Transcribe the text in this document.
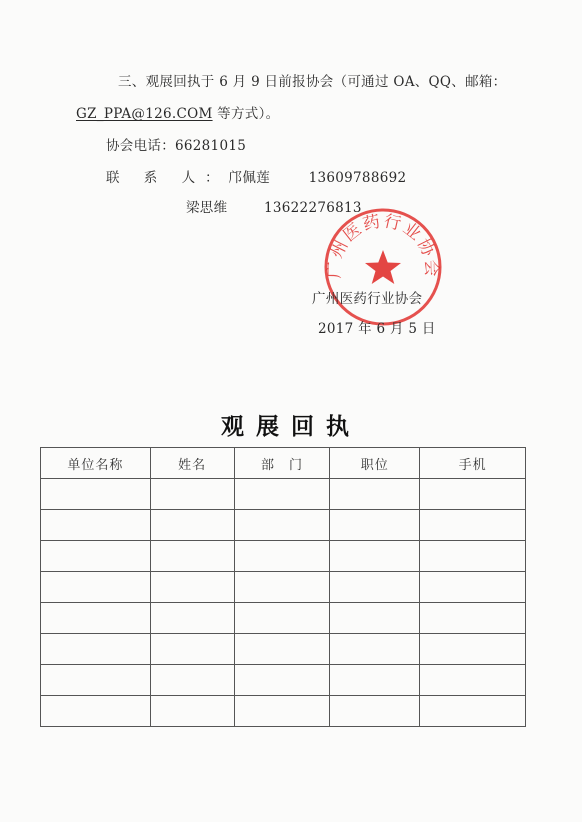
三、观展回执于 6 月 9 日前报协会（可通过 OA、QQ、邮箱：
GZ_PPA@126.COM 等方式）。
协会电话：66281015
联 系 人：邝佩莲	13609788692
梁思维	13622276813
广州医药行业协会
广州医药行业协会
2017 年 6 月 5 日
观展回执
单位名称	姓名	部　门	职位	手机
